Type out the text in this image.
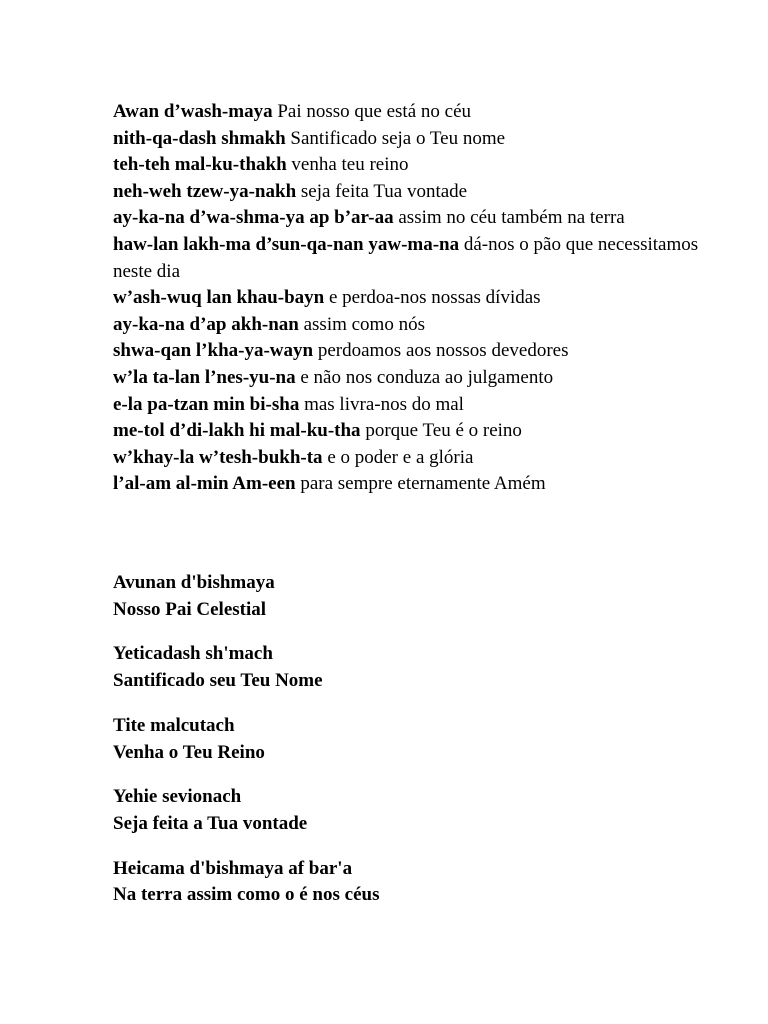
Awan d’wash-maya Pai nosso que está no céu

nith-qa-dash shmakh Santificado seja o Teu nome

teh-teh mal-ku-thakh venha teu reino

neh-weh tzew-ya-nakh seja feita Tua vontade

ay-ka-na d’wa-shma-ya ap b’ar-aa assim no céu também na terra

haw-lan lakh-ma d’sun-qa-nan yaw-ma-na dá-nos o pão que necessitamos neste dia

w’ash-wuq lan khau-bayn e perdoa-nos nossas dívidas

ay-ka-na d’ap akh-nan assim como nós

shwa-qan l’kha-ya-wayn perdoamos aos nossos devedores

w’la ta-lan l’nes-yu-na e não nos conduza ao julgamento

e-la pa-tzan min bi-sha mas livra-nos do mal

me-tol d’di-lakh hi mal-ku-tha porque Teu é o reino

w’khay-la w’tesh-bukh-ta e o poder e a glória

l’al-am al-min Am-een para sempre eternamente Amém

Avunan d'bishmaya
Nosso Pai Celestial
Yeticadash sh'mach
Santificado seu Teu Nome
Tite malcutach
Venha o Teu Reino
Yehie sevionach
Seja feita a Tua vontade
Heicama d'bishmaya af bar'a
Na terra assim como o é nos céus
